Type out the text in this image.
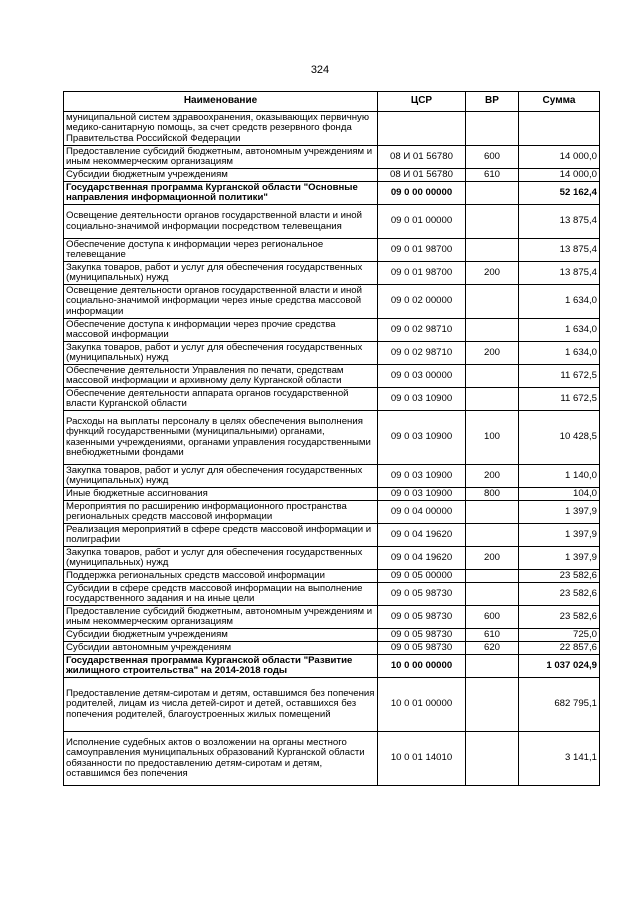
324
Наименование	ЦСР	ВР	Сумма
муниципальной систем здравоохранения, оказывающих первичную медико-санитарную помощь, за счет средств резервного фонда Правительства Российской Федерации			
Предоставление субсидий бюджетным, автономным учреждениям и иным некоммерческим организациям	08 И 01 56780	600	14 000,0
Субсидии бюджетным учреждениям	08 И 01 56780	610	14 000,0
Государственная программа Курганской области "Основные направления информационной политики"	09 0 00 00000		52 162,4
Освещение деятельности органов государственной власти и иной социально-значимой информации посредством телевещания	09 0 01 00000		13 875,4
Обеспечение доступа к информации через региональное телевещание	09 0 01 98700		13 875,4
Закупка товаров, работ и услуг для обеспечения государственных (муниципальных) нужд	09 0 01 98700	200	13 875,4
Освещение деятельности органов государственной власти и иной социально-значимой информации через иные средства массовой информации	09 0 02 00000		1 634,0
Обеспечение доступа к информации через прочие средства массовой информации	09 0 02 98710		1 634,0
Закупка товаров, работ и услуг для обеспечения государственных (муниципальных) нужд	09 0 02 98710	200	1 634,0
Обеспечение деятельности Управления по печати, средствам массовой информации и архивному делу Курганской области	09 0 03 00000		11 672,5
Обеспечение деятельности аппарата органов государственной власти Курганской области	09 0 03 10900		11 672,5
Расходы на выплаты персоналу в целях обеспечения выполнения функций государственными (муниципальными) органами, казенными учреждениями, органами управления государственными внебюджетными фондами	09 0 03 10900	100	10 428,5
Закупка товаров, работ и услуг для обеспечения государственных (муниципальных) нужд	09 0 03 10900	200	1 140,0
Иные бюджетные ассигнования	09 0 03 10900	800	104,0
Мероприятия по расширению информационного пространства региональных средств массовой информации	09 0 04 00000		1 397,9
Реализация мероприятий в сфере средств массовой информации и полиграфии	09 0 04 19620		1 397,9
Закупка товаров, работ и услуг для обеспечения государственных (муниципальных) нужд	09 0 04 19620	200	1 397,9
Поддержка региональных средств массовой информации	09 0 05 00000		23 582,6
Субсидии в сфере средств массовой информации на выполнение государственного задания и на иные цели	09 0 05 98730		23 582,6
Предоставление субсидий бюджетным, автономным учреждениям и иным некоммерческим организациям	09 0 05 98730	600	23 582,6
Субсидии бюджетным учреждениям	09 0 05 98730	610	725,0
Субсидии автономным учреждениям	09 0 05 98730	620	22 857,6
Государственная программа Курганской области "Развитие жилищного строительства" на 2014-2018 годы	10 0 00 00000		1 037 024,9
Предоставление детям-сиротам и детям, оставшимся без попечения родителей, лицам из числа детей-сирот и детей, оставшихся без попечения родителей, благоустроенных жилых помещений	10 0 01 00000		682 795,1
Исполнение судебных актов о возложении на органы местного самоуправления муниципальных образований Курганской области обязанности по предоставлению детям-сиротам и детям, оставшимся без попечения	10 0 01 14010		3 141,1
